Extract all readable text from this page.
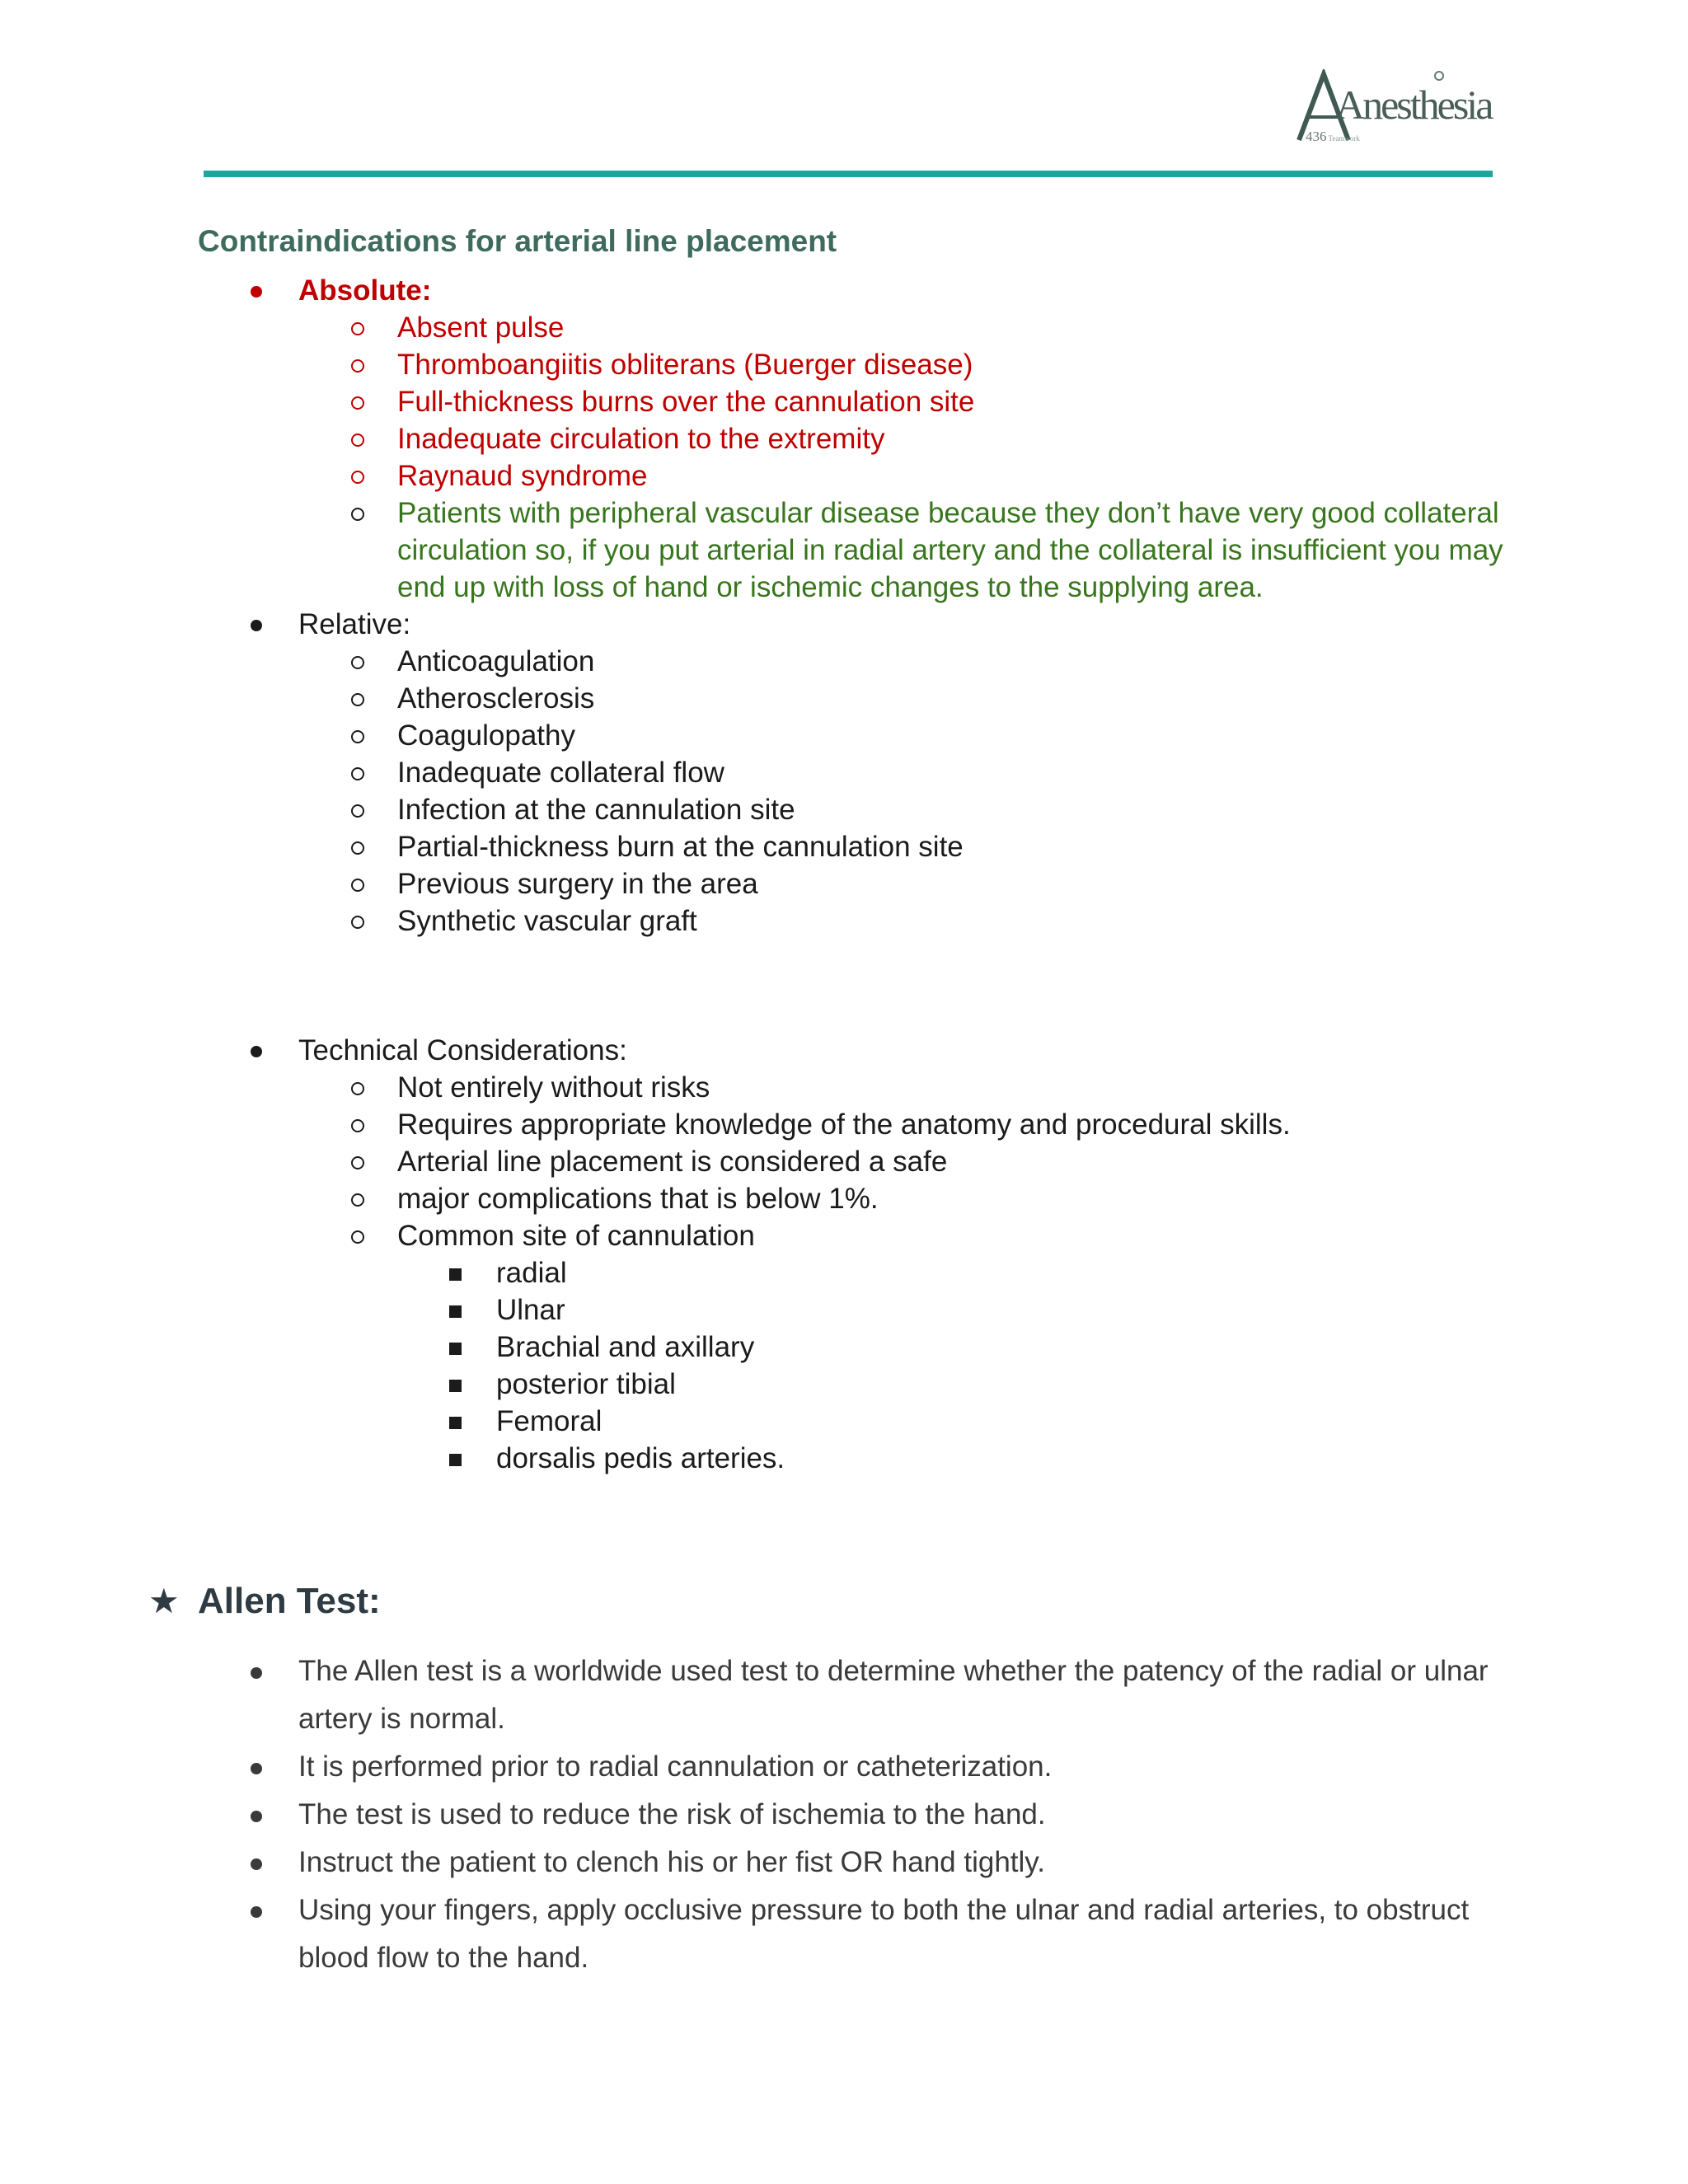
Anesthesia
436 Teamwork
Contraindications for arterial line placement
Absolute:
Absent pulse
Thromboangiitis obliterans (Buerger disease)
Full-thickness burns over the cannulation site
Inadequate circulation to the extremity
Raynaud syndrome
Patients with peripheral vascular disease because they don’t have very good collateral circulation so, if you put arterial in radial artery and the collateral is insufficient you may end up with loss of hand or ischemic changes to the supplying area.
Relative:
Anticoagulation
Atherosclerosis
Coagulopathy
Inadequate collateral flow
Infection at the cannulation site
Partial-thickness burn at the cannulation site
Previous surgery in the area
Synthetic vascular graft
Technical Considerations:
Not entirely without risks
Requires appropriate knowledge of the anatomy and procedural skills.
Arterial line placement is considered a safe
major complications that is below 1%.
Common site of cannulation
radial
Ulnar
Brachial and axillary
posterior tibial
Femoral
dorsalis pedis arteries.
★ Allen Test:
The Allen test is a worldwide used test to determine whether the patency of the radial or ulnar artery is normal.
It is performed prior to radial cannulation or catheterization.
The test is used to reduce the risk of ischemia to the hand.
Instruct the patient to clench his or her fist OR hand tightly.
Using your fingers, apply occlusive pressure to both the ulnar and radial arteries, to obstruct blood flow to the hand.
